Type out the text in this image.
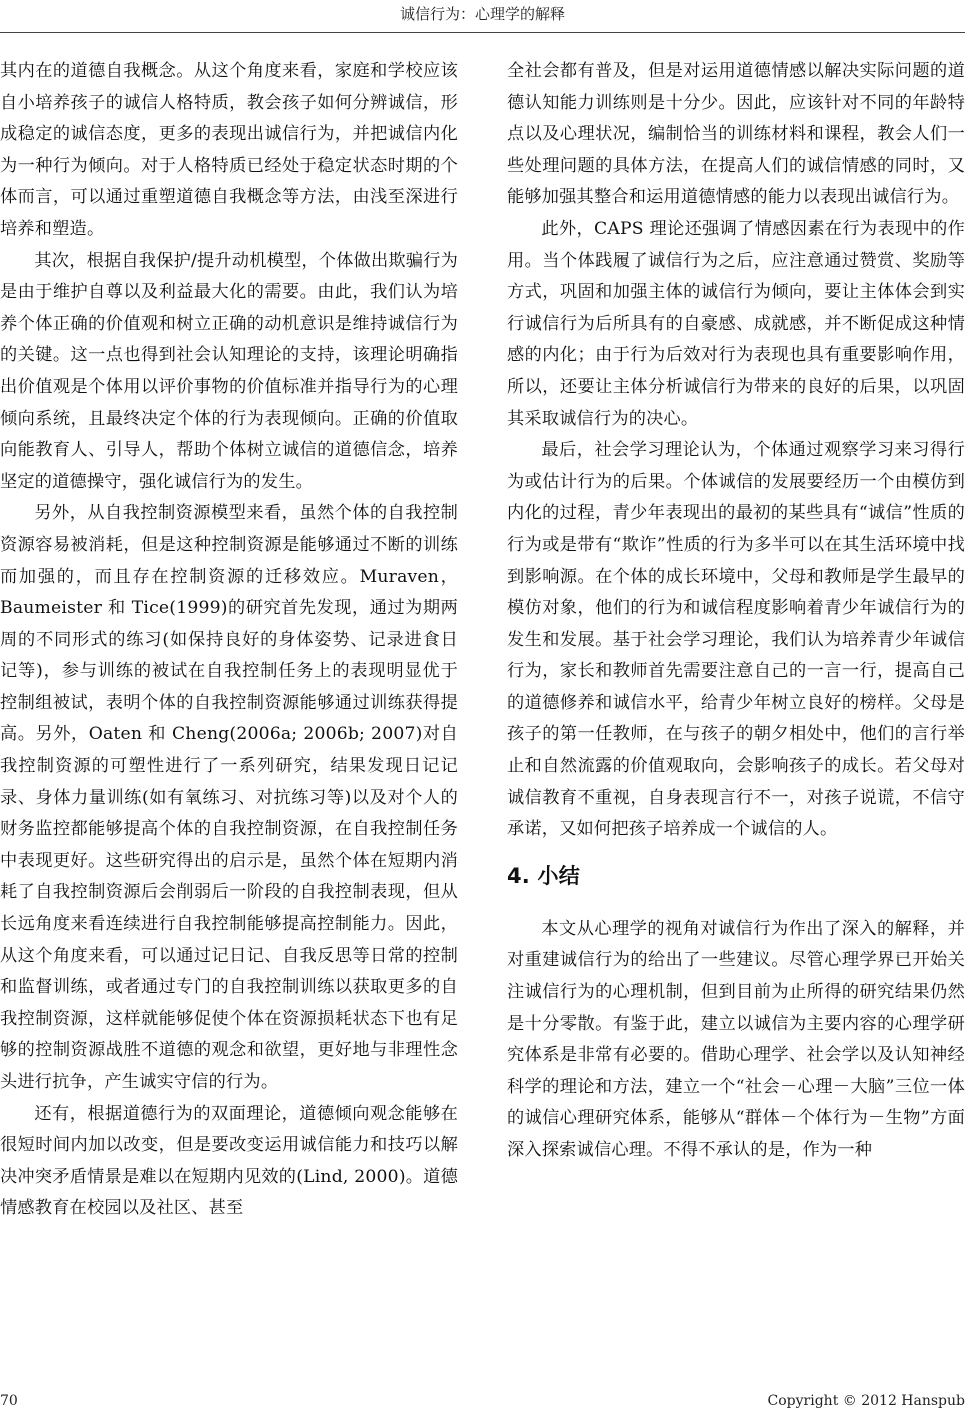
诚信行为：心理学的解释

其内在的道德自我概念。从这个角度来看，家庭和学校应该自小培养孩子的诚信人格特质，教会孩子如何分辨诚信，形成稳定的诚信态度，更多的表现出诚信行为，并把诚信内化为一种行为倾向。对于人格特质已经处于稳定状态时期的个体而言，可以通过重塑道德自我概念等方法，由浅至深进行培养和塑造。

其次，根据自我保护/提升动机模型，个体做出欺骗行为是由于维护自尊以及利益最大化的需要。由此，我们认为培养个体正确的价值观和树立正确的动机意识是维持诚信行为的关键。这一点也得到社会认知理论的支持，该理论明确指出价值观是个体用以评价事物的价值标准并指导行为的心理倾向系统，且最终决定个体的行为表现倾向。正确的价值取向能教育人、引导人，帮助个体树立诚信的道德信念，培养坚定的道德操守，强化诚信行为的发生。

另外，从自我控制资源模型来看，虽然个体的自我控制资源容易被消耗，但是这种控制资源是能够通过不断的训练而加强的，而且存在控制资源的迁移效应。Muraven，Baumeister 和 Tice(1999)的研究首先发现，通过为期两周的不同形式的练习(如保持良好的身体姿势、记录进食日记等)，参与训练的被试在自我控制任务上的表现明显优于控制组被试，表明个体的自我控制资源能够通过训练获得提高。另外，Oaten 和 Cheng(2006a; 2006b; 2007)对自我控制资源的可塑性进行了一系列研究，结果发现日记记录、身体力量训练(如有氧练习、对抗练习等)以及对个人的财务监控都能够提高个体的自我控制资源，在自我控制任务中表现更好。这些研究得出的启示是，虽然个体在短期内消耗了自我控制资源后会削弱后一阶段的自我控制表现，但从长远角度来看连续进行自我控制能够提高控制能力。因此，从这个角度来看，可以通过记日记、自我反思等日常的控制和监督训练，或者通过专门的自我控制训练以获取更多的自我控制资源，这样就能够促使个体在资源损耗状态下也有足够的控制资源战胜不道德的观念和欲望，更好地与非理性念头进行抗争，产生诚实守信的行为。

还有，根据道德行为的双面理论，道德倾向观念能够在很短时间内加以改变，但是要改变运用诚信能力和技巧以解决冲突矛盾情景是难以在短期内见效的(Lind, 2000)。道德情感教育在校园以及社区、甚至

全社会都有普及，但是对运用道德情感以解决实际问题的道德认知能力训练则是十分少。因此，应该针对不同的年龄特点以及心理状况，编制恰当的训练材料和课程，教会人们一些处理问题的具体方法，在提高人们的诚信情感的同时，又能够加强其整合和运用道德情感的能力以表现出诚信行为。

此外，CAPS 理论还强调了情感因素在行为表现中的作用。当个体践履了诚信行为之后，应注意通过赞赏、奖励等方式，巩固和加强主体的诚信行为倾向，要让主体体会到实行诚信行为后所具有的自豪感、成就感，并不断促成这种情感的内化；由于行为后效对行为表现也具有重要影响作用，所以，还要让主体分析诚信行为带来的良好的后果，以巩固其采取诚信行为的决心。

最后，社会学习理论认为，个体通过观察学习来习得行为或估计行为的后果。个体诚信的发展要经历一个由模仿到内化的过程，青少年表现出的最初的某些具有“诚信”性质的行为或是带有“欺诈”性质的行为多半可以在其生活环境中找到影响源。在个体的成长环境中，父母和教师是学生最早的模仿对象，他们的行为和诚信程度影响着青少年诚信行为的发生和发展。基于社会学习理论，我们认为培养青少年诚信行为，家长和教师首先需要注意自己的一言一行，提高自己的道德修养和诚信水平，给青少年树立良好的榜样。父母是孩子的第一任教师，在与孩子的朝夕相处中，他们的言行举止和自然流露的价值观取向，会影响孩子的成长。若父母对诚信教育不重视，自身表现言行不一，对孩子说谎，不信守承诺，又如何把孩子培养成一个诚信的人。

4. 小结

本文从心理学的视角对诚信行为作出了深入的解释，并对重建诚信行为的给出了一些建议。尽管心理学界已开始关注诚信行为的心理机制，但到目前为止所得的研究结果仍然是十分零散。有鉴于此，建立以诚信为主要内容的心理学研究体系是非常有必要的。借助心理学、社会学以及认知神经科学的理论和方法，建立一个“社会－心理－大脑”三位一体的诚信心理研究体系，能够从“群体－个体行为－生物”方面深入探索诚信心理。不得不承认的是，作为一种

70	Copyright © 2012 Hanspub
